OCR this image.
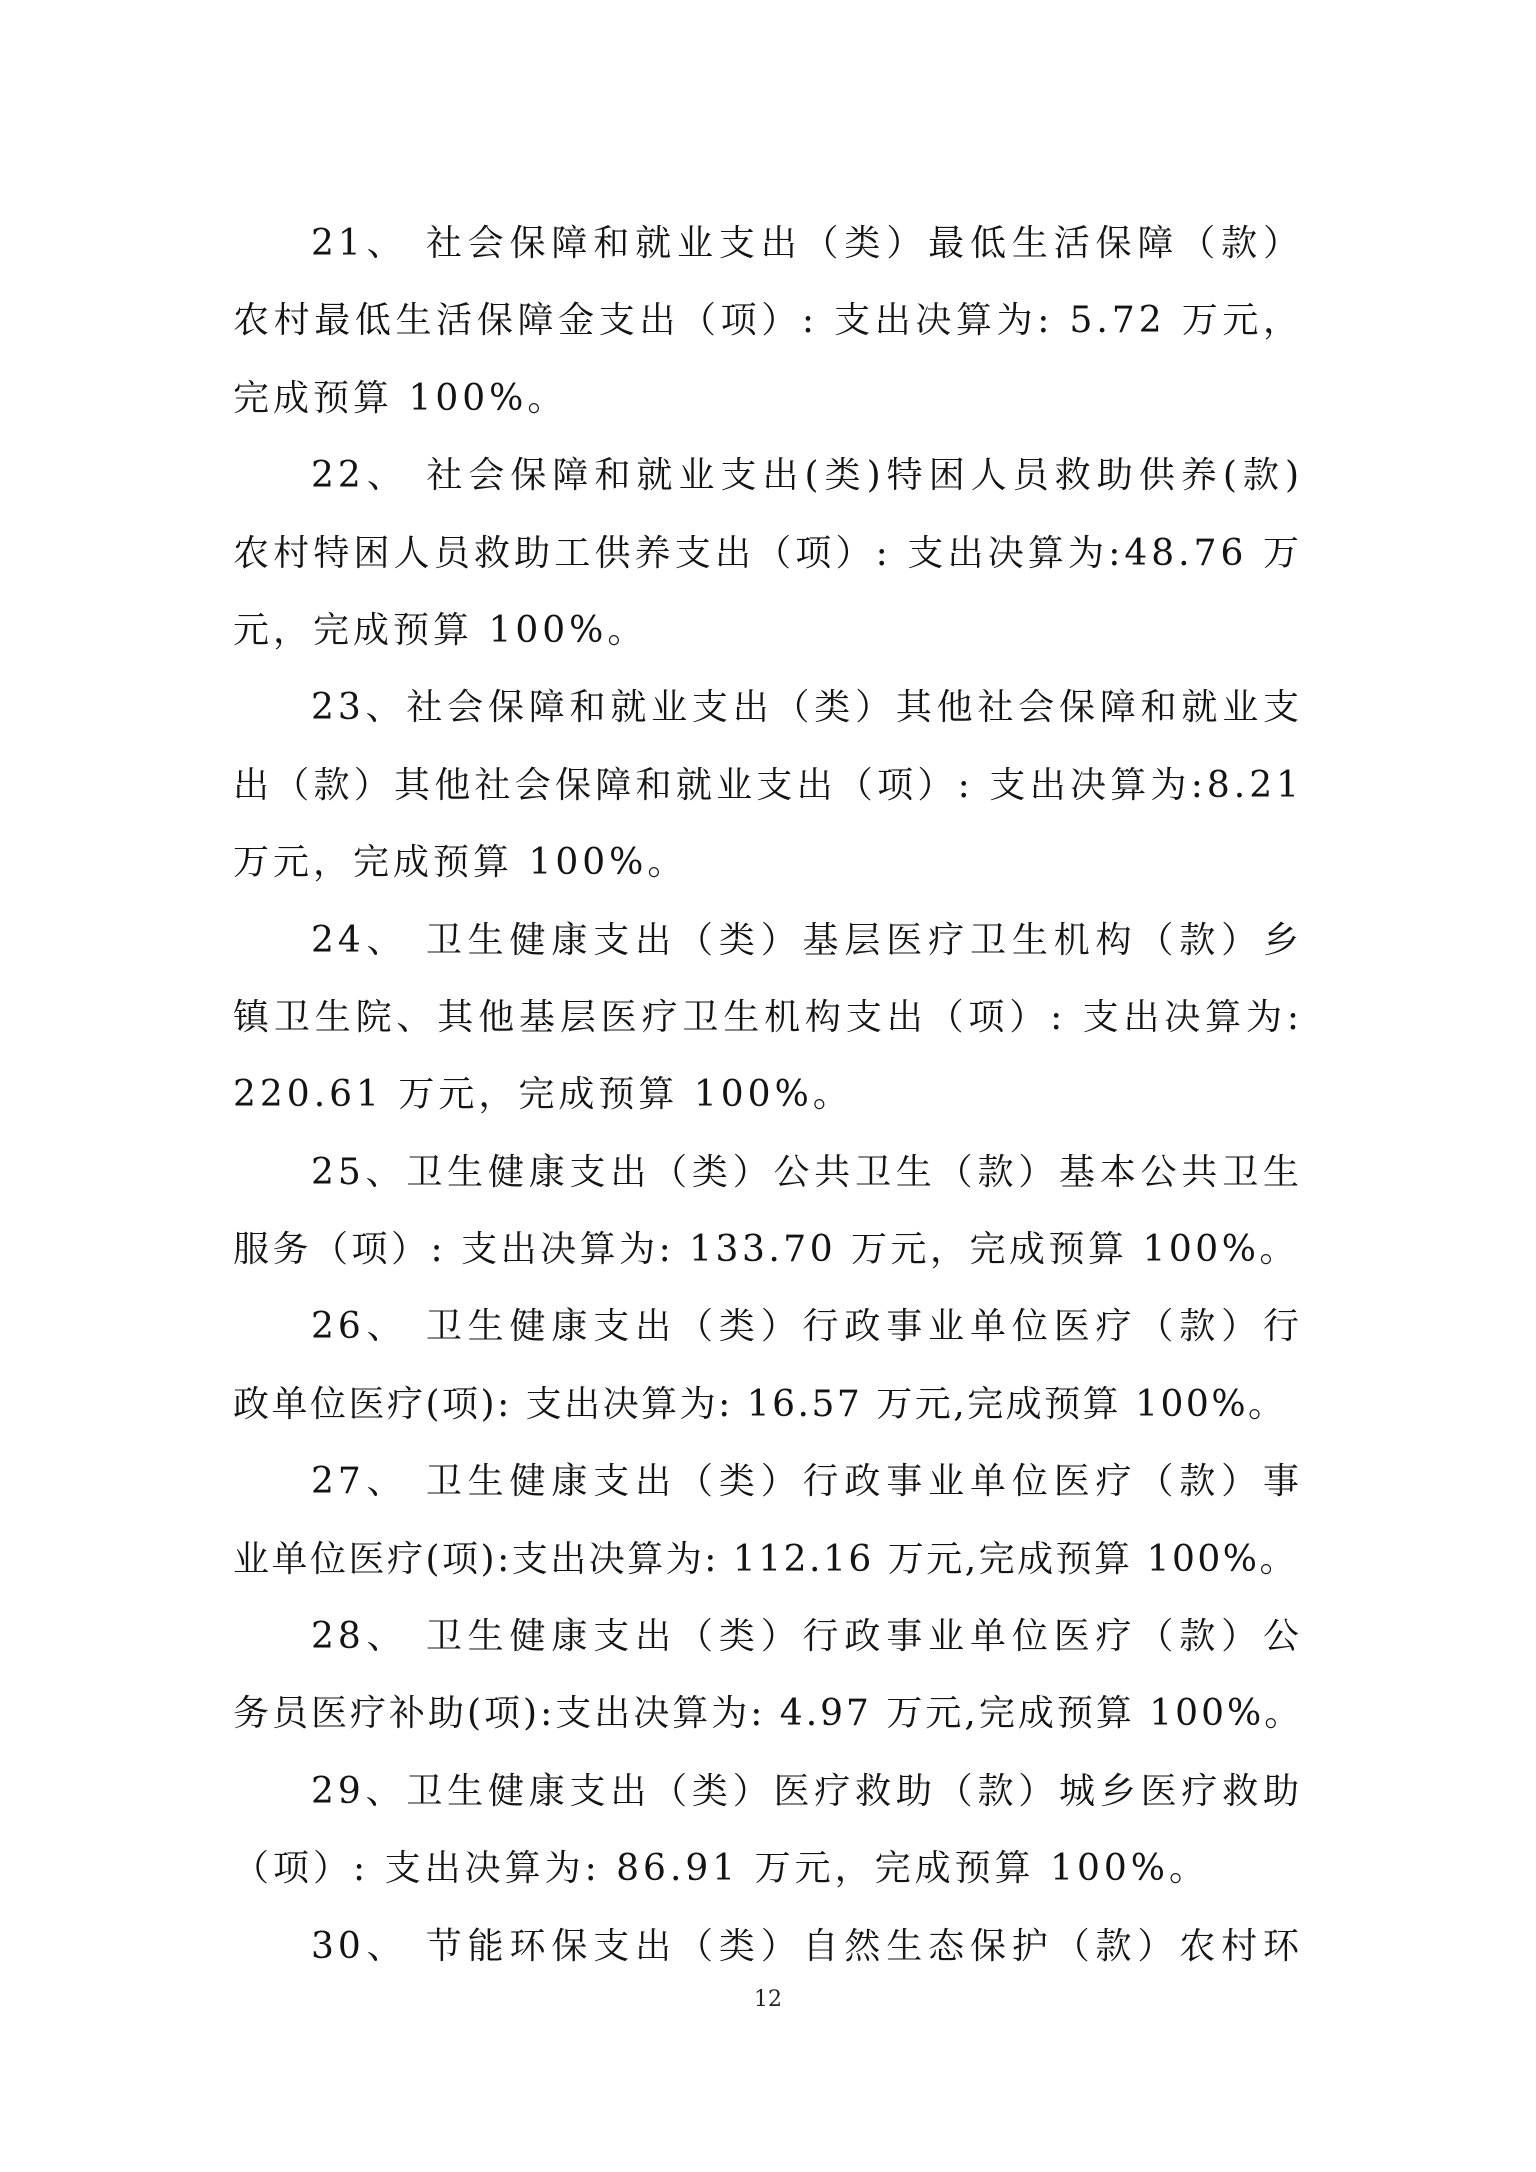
21、 社会保障和就业支出（类）最低生活保障（款）
农村最低生活保障金支出（项）: 支出决算为: 5.72 万元，
完成预算 100%。
22、 社会保障和就业支出(类)特困人员救助供养(款)
农村特困人员救助工供养支出（项）: 支出决算为:48.76 万
元，完成预算 100%。
23、社会保障和就业支出（类）其他社会保障和就业支
出（款）其他社会保障和就业支出（项）: 支出决算为:8.21
万元，完成预算 100%。
24、 卫生健康支出（类）基层医疗卫生机构（款）乡
镇卫生院、其他基层医疗卫生机构支出（项）: 支出决算为:
220.61 万元，完成预算 100%。
25、卫生健康支出（类）公共卫生（款）基本公共卫生
服务（项）: 支出决算为: 133.70 万元，完成预算 100%。
26、 卫生健康支出（类）行政事业单位医疗（款）行
政单位医疗(项): 支出决算为: 16.57 万元,完成预算 100%。
27、 卫生健康支出（类）行政事业单位医疗（款）事
业单位医疗(项):支出决算为: 112.16 万元,完成预算 100%。
28、 卫生健康支出（类）行政事业单位医疗（款）公
务员医疗补助(项):支出决算为: 4.97 万元,完成预算 100%。
29、卫生健康支出（类）医疗救助（款）城乡医疗救助
（项）: 支出决算为: 86.91 万元，完成预算 100%。
30、 节能环保支出（类）自然生态保护（款）农村环
12
